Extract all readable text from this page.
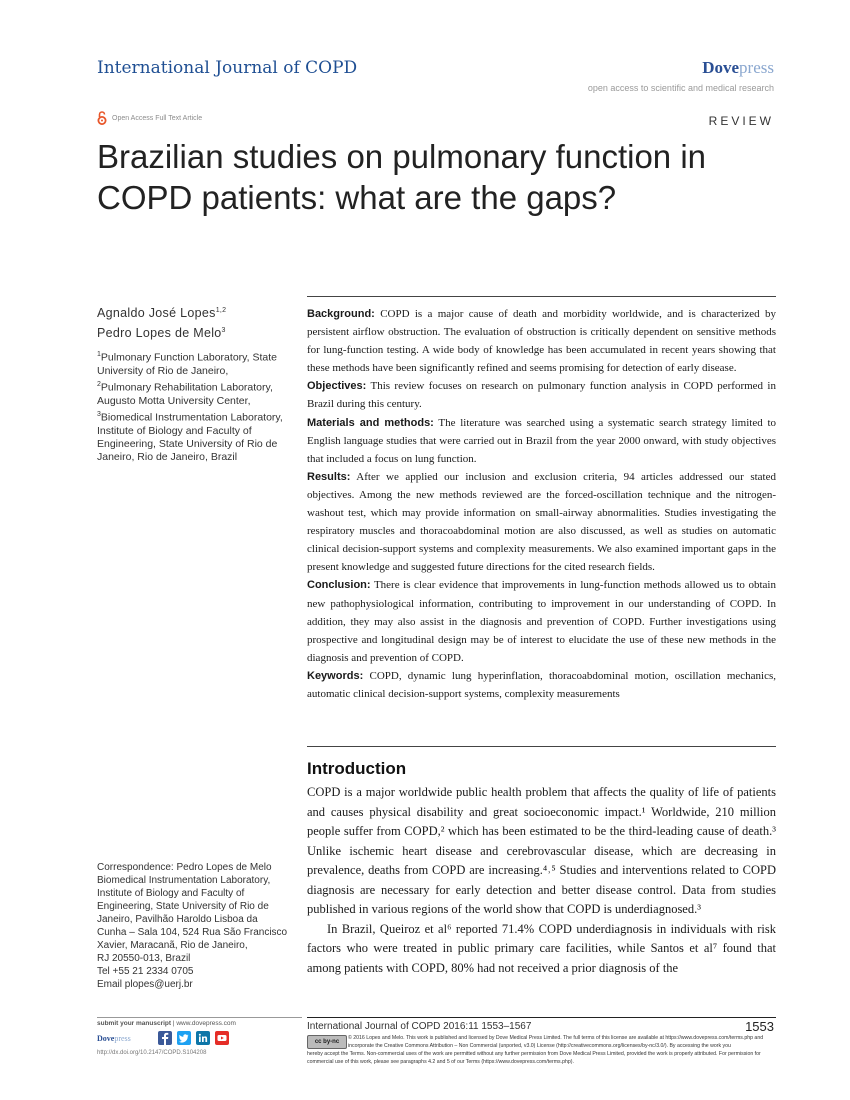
International Journal of COPD	Dovepress
open access to scientific and medical research
Open Access Full Text Article	REVIEW
Brazilian studies on pulmonary function in COPD patients: what are the gaps?
Agnaldo José Lopes$^{1,2}$
Pedro Lopes de Melo$^3$
$^1$Pulmonary Function Laboratory, State University of Rio de Janeiro,
$^2$Pulmonary Rehabilitation Laboratory, Augusto Motta University Center,
$^3$Biomedical Instrumentation Laboratory, Institute of Biology and Faculty of Engineering, State University of Rio de Janeiro, Rio de Janeiro, Brazil

Background: COPD is a major cause of death and morbidity worldwide, and is characterized by persistent airflow obstruction. The evaluation of obstruction is critically dependent on sensitive methods for lung-function testing. A wide body of knowledge has been accumulated in recent years showing that these methods have been significantly refined and seems promising for detection of early disease.

Objectives: This review focuses on research on pulmonary function analysis in COPD performed in Brazil during this century.

Materials and methods: The literature was searched using a systematic search strategy limited to English language studies that were carried out in Brazil from the year 2000 onward, with study objectives that included a focus on lung function.

Results: After we applied our inclusion and exclusion criteria, 94 articles addressed our stated objectives. Among the new methods reviewed are the forced-oscillation technique and the nitrogen-washout test, which may provide information on small-airway abnormalities. Studies investigating the respiratory muscles and thoracoabdominal motion are also discussed, as well as studies on automatic clinical decision-support systems and complexity measurements. We also examined important gaps in the present knowledge and suggested future directions for the cited research fields.

Conclusion: There is clear evidence that improvements in lung-function methods allowed us to obtain new pathophysiological information, contributing to improvement in our understanding of COPD. In addition, they may also assist in the diagnosis and prevention of COPD. Further investigations using prospective and longitudinal design may be of interest to elucidate the use of these new methods in the diagnosis and prevention of COPD.

Keywords: COPD, dynamic lung hyperinflation, thoracoabdominal motion, oscillation mechanics, automatic clinical decision-support systems, complexity measurements

Introduction

COPD is a major worldwide public health problem that affects the quality of life of patients and causes physical disability and great socioeconomic impact.¹ Worldwide, 210 million people suffer from COPD,² which has been estimated to be the third-leading cause of death.³ Unlike ischemic heart disease and cerebrovascular disease, which are decreasing in prevalence, deaths from COPD are increasing.⁴˒⁵ Studies and interventions related to COPD diagnosis are necessary for early detection and better disease control. Data from studies published in various regions of the world show that COPD is underdiagnosed.³

In Brazil, Queiroz et al⁶ reported 71.4% COPD underdiagnosis in individuals with risk factors who were treated in public primary care facilities, while Santos et al⁷ found that among patients with COPD, 80% had not received a prior diagnosis of the

Correspondence: Pedro Lopes de Melo
Biomedical Instrumentation Laboratory,
Institute of Biology and Faculty of
Engineering, State University of Rio de
Janeiro, Pavilhão Haroldo Lisboa da
Cunha – Sala 104, 524 Rua São Francisco
Xavier, Maracanã, Rio de Janeiro,
RJ 20550-013, Brazil
Tel +55 21 2334 0705
Email plopes@uerj.br
submit your manuscript | www.dovepress.com
Dovepress
http://dx.doi.org/10.2147/COPD.S104208
International Journal of COPD 2016:11 1553–1567	1553
cc by-nc
© 2016 Lopes and Melo. This work is published and licensed by Dove Medical Press Limited. The full terms of this license are available at https://www.dovepress.com/terms.php and incorporate the Creative Commons Attribution – Non Commercial (unported, v3.0) License (http://creativecommons.org/licenses/by-nc/3.0/). By accessing the work you
hereby accept the Terms. Non-commercial uses of the work are permitted without any further permission from Dove Medical Press Limited, provided the work is properly attributed. For permission for commercial use of this work, please see paragraphs 4.2 and 5 of our Terms (https://www.dovepress.com/terms.php).
